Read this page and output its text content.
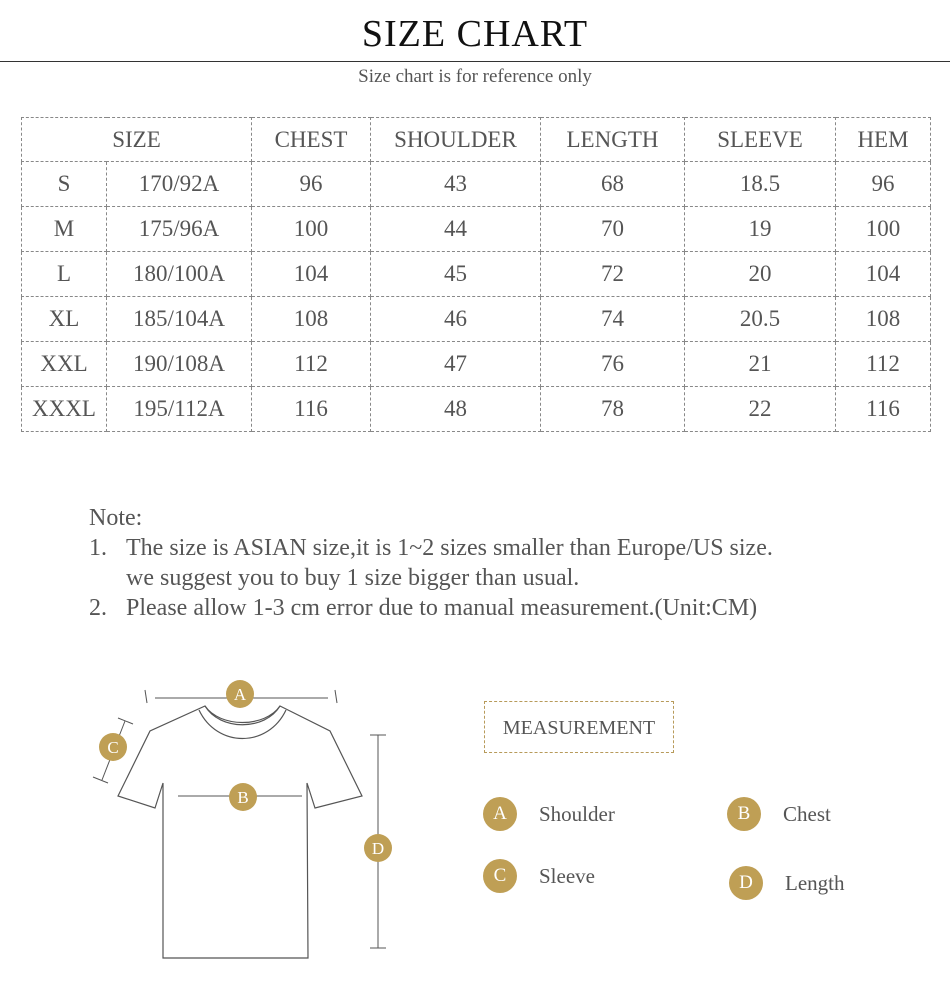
SIZE CHART
Size chart is for reference only
SIZE		CHEST	SHOULDER	LENGTH	SLEEVE	HEM
S	170/92A	96	43	68	18.5	96
M	175/96A	100	44	70	19	100
L	180/100A	104	45	72	20	104
XL	185/104A	108	46	74	20.5	108
XXL	190/108A	112	47	76	21	112
XXXL	195/112A	116	48	78	22	116
Note:
1. The size is ASIAN size,it is 1~2 sizes smaller than Europe/US size.
we suggest you to buy 1 size bigger than usual.
2. Please allow 1-3 cm error due to manual measurement.(Unit:CM)
A
B
C
D
MEASUREMENT
A	Shoulder	B	Chest
C	Sleeve	D	Length
